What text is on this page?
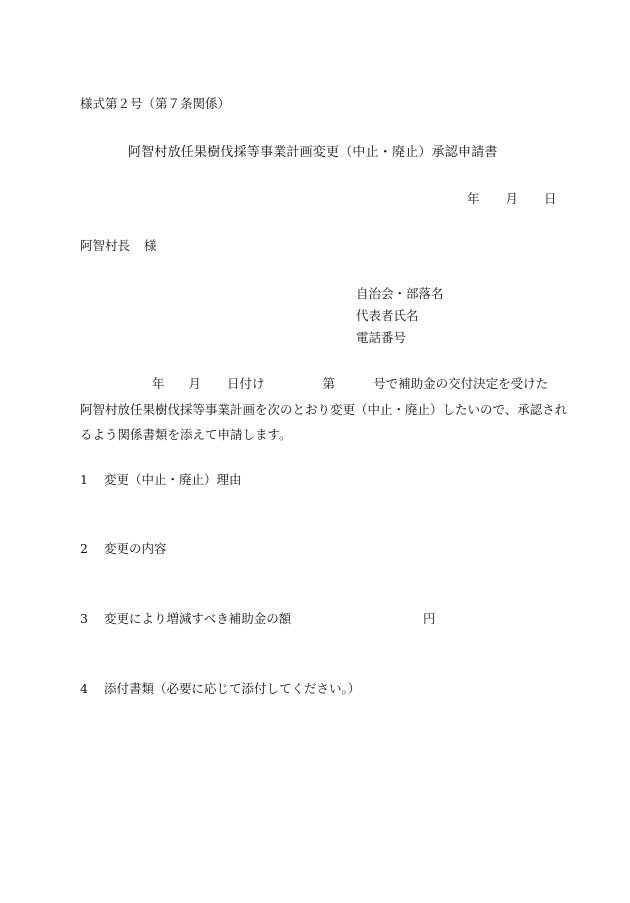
様式第２号（第７条関係）
阿智村放任果樹伐採等事業計画変更（中止・廃止）承認申請書
年 月 日
阿智村長 様
自治会・部落名
代表者氏名
電話番号
年 月 日付け	第	号で補助金の交付決定を受けた
阿智村放任果樹伐採等事業計画を次のとおり変更（中止・廃止）したいので、承認され
るよう関係書類を添えて申請します。
1 変更（中止・廃止）理由
2 変更の内容
3 変更により増減すべき補助金の額	円
4 添付書類（必要に応じて添付してください。）
